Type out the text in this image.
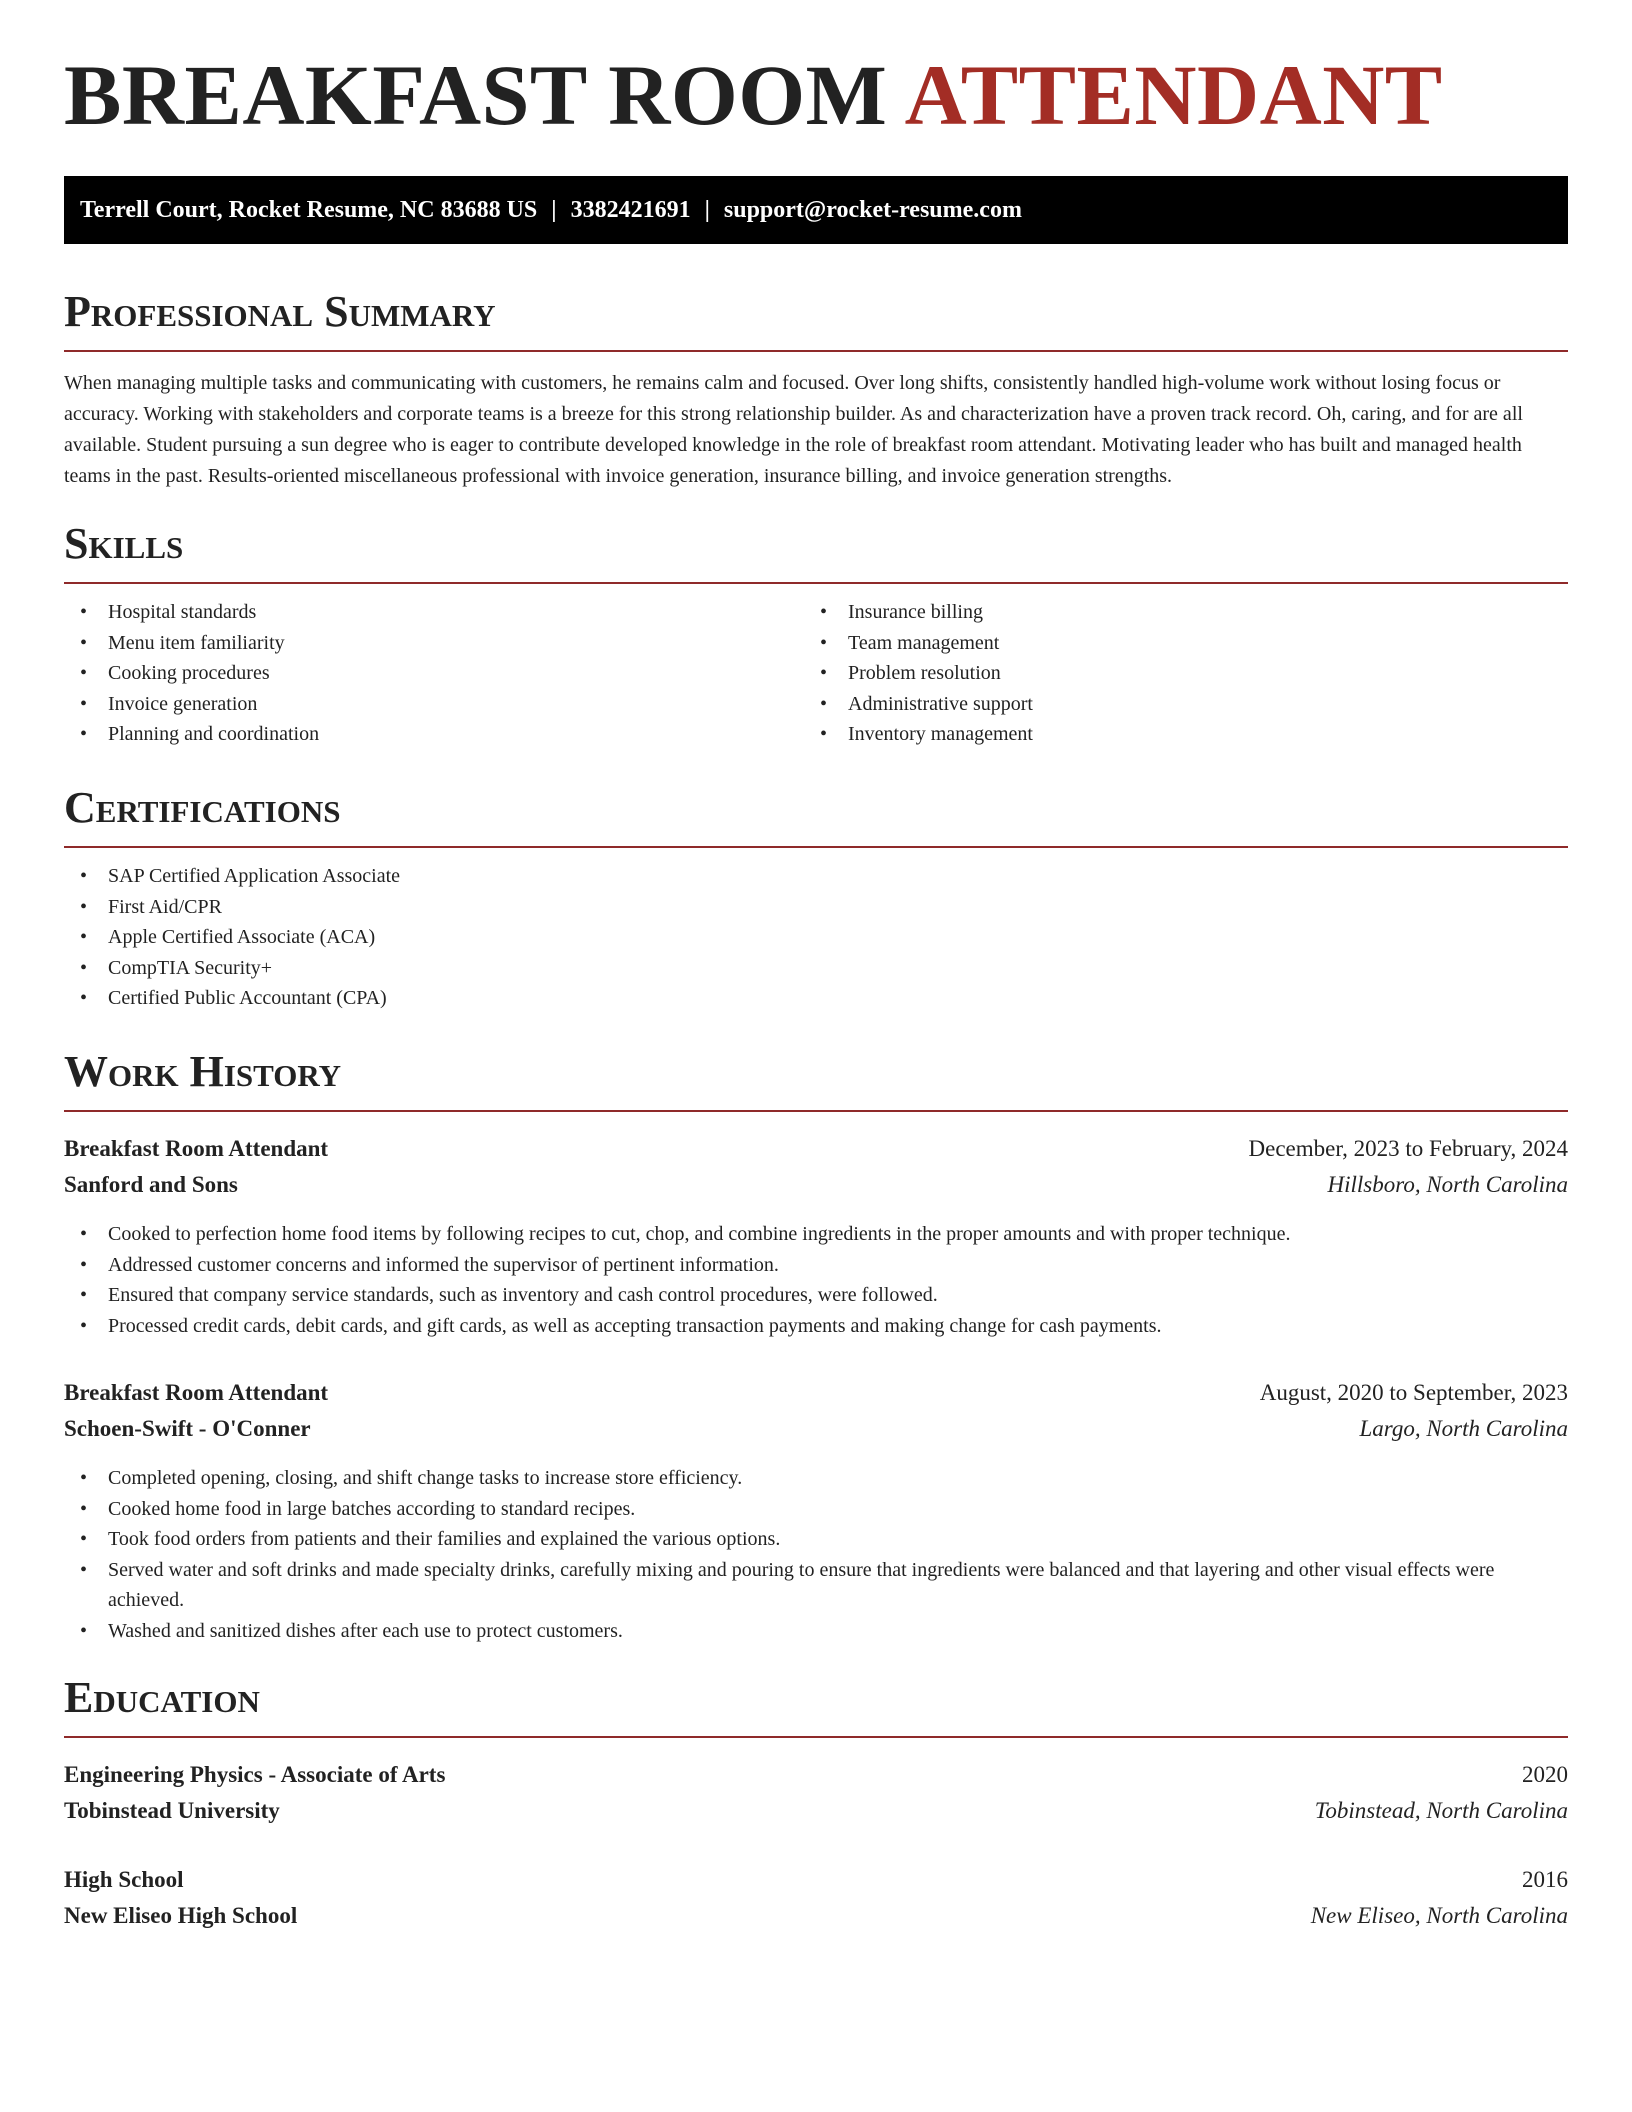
BREAKFAST ROOM ATTENDANT
Terrell Court, Rocket Resume, NC 83688 US | 3382421691 | support@rocket-resume.com
Professional Summary

When managing multiple tasks and communicating with customers, he remains calm and focused. Over long shifts, consistently handled high-volume work without losing focus or accuracy. Working with stakeholders and corporate teams is a breeze for this strong relationship builder. As and characterization have a proven track record. Oh, caring, and for are all available. Student pursuing a sun degree who is eager to contribute developed knowledge in the role of breakfast room attendant. Motivating leader who has built and managed health teams in the past. Results-oriented miscellaneous professional with invoice generation, insurance billing, and invoice generation strengths.

Skills
• Hospital standards
• Menu item familiarity
• Cooking procedures
• Invoice generation
• Planning and coordination
• Insurance billing
• Team management
• Problem resolution
• Administrative support
• Inventory management
Certifications
• SAP Certified Application Associate
• First Aid/CPR
• Apple Certified Associate (ACA)
• CompTIA Security+
• Certified Public Accountant (CPA)
Work History
Breakfast Room Attendant	December, 2023 to February, 2024
Sanford and Sons	Hillsboro, North Carolina
• Cooked to perfection home food items by following recipes to cut, chop, and combine ingredients in the proper amounts and with proper technique.
• Addressed customer concerns and informed the supervisor of pertinent information.
• Ensured that company service standards, such as inventory and cash control procedures, were followed.
• Processed credit cards, debit cards, and gift cards, as well as accepting transaction payments and making change for cash payments.
Breakfast Room Attendant	August, 2020 to September, 2023
Schoen-Swift - O'Conner	Largo, North Carolina
• Completed opening, closing, and shift change tasks to increase store efficiency.
• Cooked home food in large batches according to standard recipes.
• Took food orders from patients and their families and explained the various options.
• Served water and soft drinks and made specialty drinks, carefully mixing and pouring to ensure that ingredients were balanced and that layering and other visual effects were achieved.
• Washed and sanitized dishes after each use to protect customers.
Education
Engineering Physics - Associate of Arts	2020
Tobinstead University	Tobinstead, North Carolina
High School	2016
New Eliseo High School	New Eliseo, North Carolina
